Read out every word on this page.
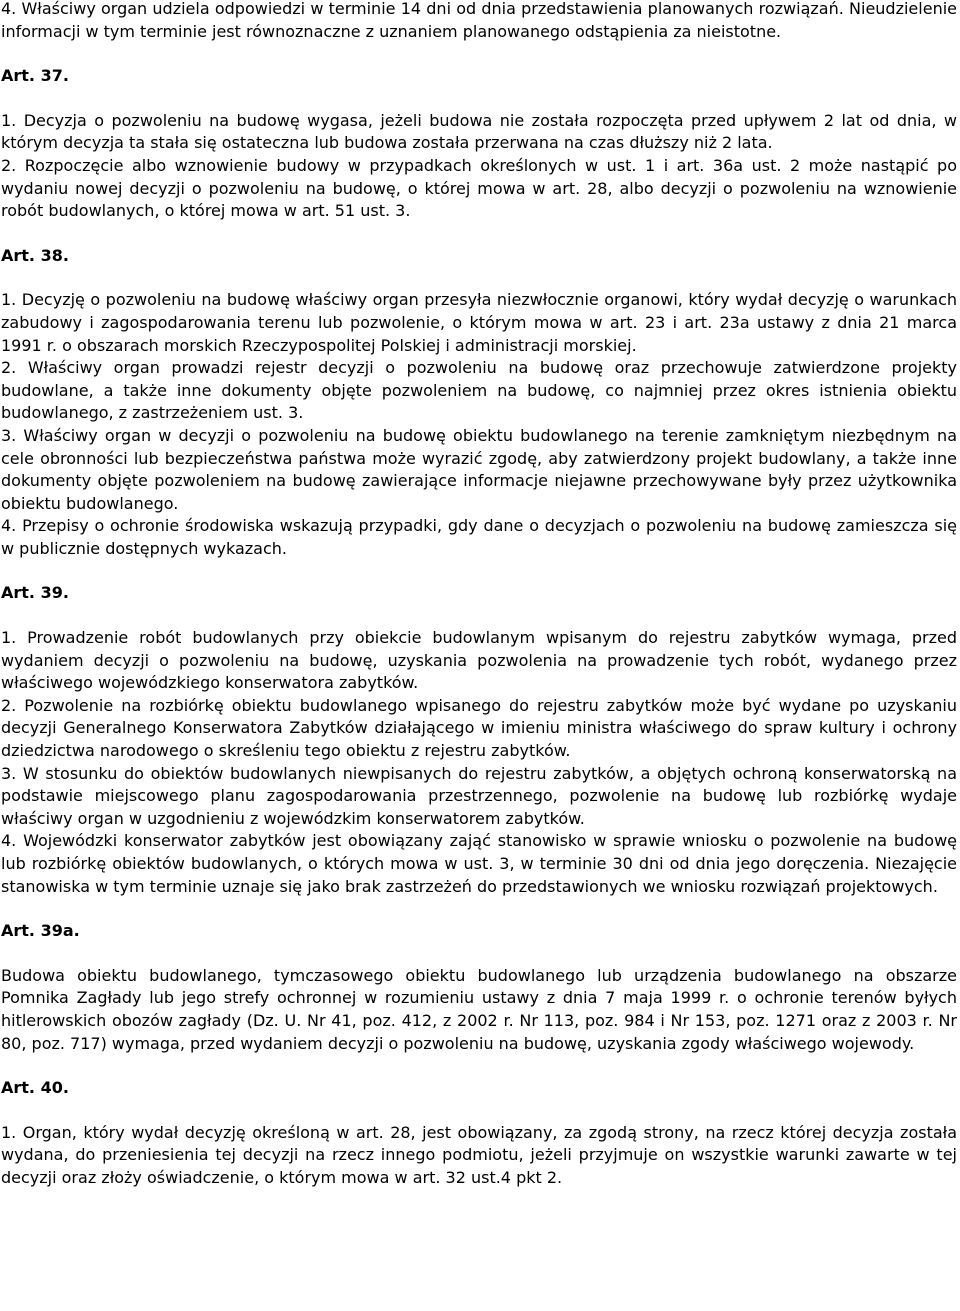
4. Właściwy organ udziela odpowiedzi w terminie 14 dni od dnia przedstawienia planowanych rozwiązań. Nieudzielenie informacji w tym terminie jest równoznaczne z uznaniem planowanego odstąpienia za nieistotne.

Art. 37.

1. Decyzja o pozwoleniu na budowę wygasa, jeżeli budowa nie została rozpoczęta przed upływem 2 lat od dnia, w którym decyzja ta stała się ostateczna lub budowa została przerwana na czas dłuższy niż 2 lata.

2. Rozpoczęcie albo wznowienie budowy w przypadkach określonych w ust. 1 i art. 36a ust. 2 może nastąpić po wydaniu nowej decyzji o pozwoleniu na budowę, o której mowa w art. 28, albo decyzji o pozwoleniu na wznowienie robót budowlanych, o której mowa w art. 51 ust. 3.

Art. 38.

1. Decyzję o pozwoleniu na budowę właściwy organ przesyła niezwłocznie organowi, który wydał decyzję o warunkach zabudowy i zagospodarowania terenu lub pozwolenie, o którym mowa w art. 23 i art. 23a ustawy z dnia 21 marca 1991 r. o obszarach morskich Rzeczypospolitej Polskiej i administracji morskiej.

2. Właściwy organ prowadzi rejestr decyzji o pozwoleniu na budowę oraz przechowuje zatwierdzone projekty budowlane, a także inne dokumenty objęte pozwoleniem na budowę, co najmniej przez okres istnienia obiektu budowlanego, z zastrzeżeniem ust. 3.

3. Właściwy organ w decyzji o pozwoleniu na budowę obiektu budowlanego na terenie zamkniętym niezbędnym na cele obronności lub bezpieczeństwa państwa może wyrazić zgodę, aby zatwierdzony projekt budowlany, a także inne dokumenty objęte pozwoleniem na budowę zawierające informacje niejawne przechowywane były przez użytkownika obiektu budowlanego.

4. Przepisy o ochronie środowiska wskazują przypadki, gdy dane o decyzjach o pozwoleniu na budowę zamieszcza się w publicznie dostępnych wykazach.

Art. 39.

1. Prowadzenie robót budowlanych przy obiekcie budowlanym wpisanym do rejestru zabytków wymaga, przed wydaniem decyzji o pozwoleniu na budowę, uzyskania pozwolenia na prowadzenie tych robót, wydanego przez właściwego wojewódzkiego konserwatora zabytków.

2. Pozwolenie na rozbiórkę obiektu budowlanego wpisanego do rejestru zabytków może być wydane po uzyskaniu decyzji Generalnego Konserwatora Zabytków działającego w imieniu ministra właściwego do spraw kultury i ochrony dziedzictwa narodowego o skreśleniu tego obiektu z rejestru zabytków.

3. W stosunku do obiektów budowlanych niewpisanych do rejestru zabytków, a objętych ochroną konserwatorską na podstawie miejscowego planu zagospodarowania przestrzennego, pozwolenie na budowę lub rozbiórkę wydaje właściwy organ w uzgodnieniu z wojewódzkim konserwatorem zabytków.

4. Wojewódzki konserwator zabytków jest obowiązany zająć stanowisko w sprawie wniosku o pozwolenie na budowę lub rozbiórkę obiektów budowlanych, o których mowa w ust. 3, w terminie 30 dni od dnia jego doręczenia. Niezajęcie stanowiska w tym terminie uznaje się jako brak zastrzeżeń do przedstawionych we wniosku rozwiązań projektowych.

Art. 39a.

Budowa obiektu budowlanego, tymczasowego obiektu budowlanego lub urządzenia budowlanego na obszarze Pomnika Zagłady lub jego strefy ochronnej w rozumieniu ustawy z dnia 7 maja 1999 r. o ochronie terenów byłych hitlerowskich obozów zagłady (Dz. U. Nr 41, poz. 412, z 2002 r. Nr 113, poz. 984 i Nr 153, poz. 1271 oraz z 2003 r. Nr 80, poz. 717) wymaga, przed wydaniem decyzji o pozwoleniu na budowę, uzyskania zgody właściwego wojewody.

Art. 40.

1. Organ, który wydał decyzję określoną w art. 28, jest obowiązany, za zgodą strony, na rzecz której decyzja została wydana, do przeniesienia tej decyzji na rzecz innego podmiotu, jeżeli przyjmuje on wszystkie warunki zawarte w tej decyzji oraz złoży oświadczenie, o którym mowa w art. 32 ust.4 pkt 2.
